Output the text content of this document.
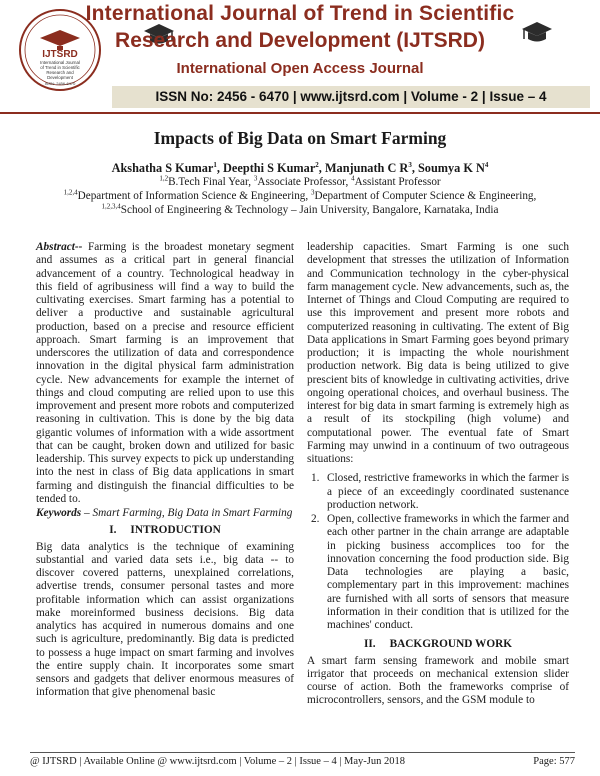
IJTSRD
International Journal
of Trend in Scientific
Research and
Development
ISSN: 2456-6470
International Journal of Trend in Scientific
Research and Development (IJTSRD)
International Open Access Journal
ISSN No: 2456 - 6470 | www.ijtsrd.com | Volume - 2 | Issue – 4
Impacts of Big Data on Smart Farming
Akshatha S Kumar$^1$, Deepthi S Kumar$^2$, Manjunath C $R^3$, Soumya K $N^4$
$^{1,2}$B.Tech Final Year, $^3$Associate Professor, $^4$Assistant Professor
$^{1,2,4}$Department of Information Science & Engineering, $^3$Department of Computer Science & Engineering,
$^{1,2,3,4}$School of Engineering & Technology – Jain University, Bangalore, Karnataka, India

Abstract-- Farming is the broadest monetary segment and assumes as a critical part in general financial advancement of a country. Technological headway in this field of agribusiness will find a way to build the cultivating exercises. Smart farming has a potential to deliver a productive and sustainable agricultural production, based on a precise and resource efficient approach. Smart farming is an improvement that underscores the utilization of data and correspondence innovation in the digital physical farm administration cycle. New advancements for example the internet of things and cloud computing are relied upon to use this improvement and present more robots and computerized reasoning in cultivation. This is done by the big data gigantic volumes of information with a wide assortment that can be caught, broken down and utilized for basic leadership. This survey expects to pick up understanding into the nest in class of Big data applications in smart farming and distinguish the financial difficulties to be tended to.

Keywords – Smart Farming, Big Data in Smart Farming

I. INTRODUCTION

Big data analytics is the technique of examining substantial and varied data sets i.e., big data -- to discover covered patterns, unexplained correlations, advertise trends, consumer personal tastes and more profitable information which can assist organizations make moreinformed business decisions. Big data analytics has acquired in numerous domains and one such is agriculture, predominantly. Big data is predicted to possess a huge impact on smart farming and involves the entire supply chain. It incorporates some smart sensors and gadgets that deliver enormous measures of information that give phenomenal basic

leadership capacities. Smart Farming is one such development that stresses the utilization of Information and Communication technology in the cyber-physical farm management cycle. New advancements, such as, the Internet of Things and Cloud Computing are required to use this improvement and present more robots and computerized reasoning in cultivating. The extent of Big Data applications in Smart Farming goes beyond primary production; it is impacting the whole nourishment production network. Big data is being utilized to give prescient bits of knowledge in cultivating activities, drive ongoing operational choices, and overhaul business. The interest for big data in smart farming is extremely high as a result of its stockpiling (high volume) and computational power. The eventual fate of Smart Farming may unwind in a continuum of two outrageous situations:

1. Closed, restrictive frameworks in which the farmer is a piece of an exceedingly coordinated sustenance production network.
2. Open, collective frameworks in which the farmer and each other partner in the chain arrange are adaptable in picking business accomplices too for the innovation concerning the food production side. Big Data technologies are playing a basic, complementary part in this improvement: machines are furnished with all sorts of sensors that measure information in their condition that is utilized for the machines' conduct.
II. BACKGROUND WORK

A smart farm sensing framework and mobile smart irrigator that proceeds on mechanical extension slider course of action. Both the frameworks comprise of microcontrollers, sensors, and the GSM module to

@ IJTSRD | Available Online @ www.ijtsrd.com | Volume – 2 | Issue – 4 | May-Jun 2018	Page: 577
